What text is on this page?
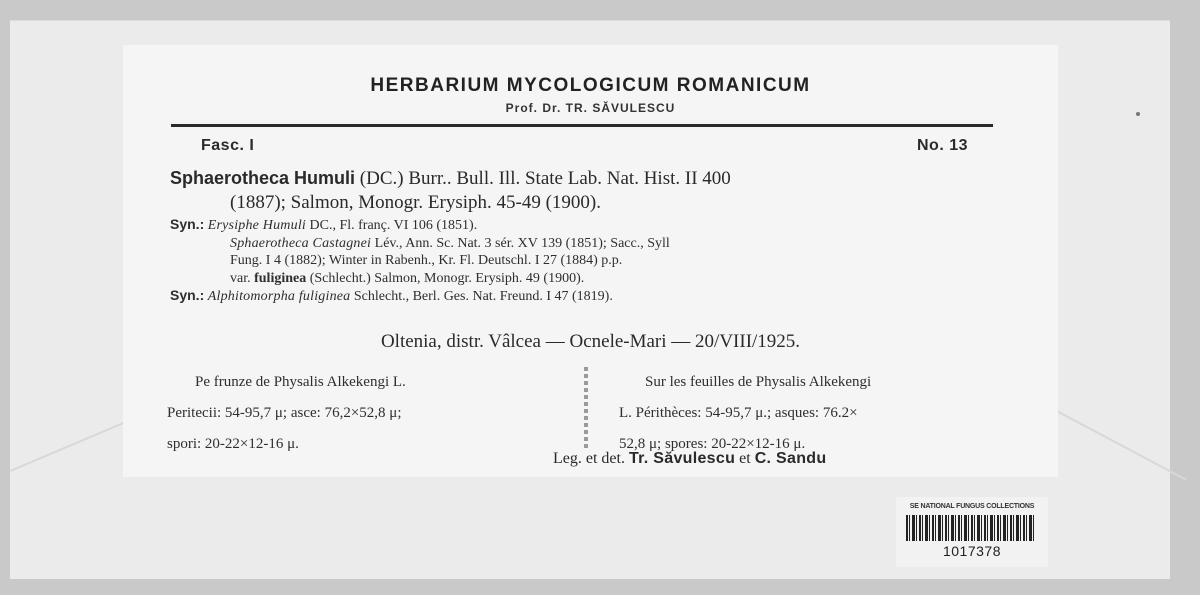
HERBARIUM MYCOLOGICUM ROMANICUM
Prof. Dr. TR. SĂVULESCU
Fasc. I	No. 13
Sphaerotheca Humuli (DC.) Burr.. Bull. Ill. State Lab. Nat. Hist. II 400
(1887); Salmon, Monogr. Erysiph. 45-49 (1900).
Syn.: Erysiphe Humuli DC., Fl. franç. VI 106 (1851).
Sphaerotheca Castagnei Lév., Ann. Sc. Nat. 3 sér. XV 139 (1851); Sacc., Syll
Fung. I 4 (1882); Winter in Rabenh., Kr. Fl. Deutschl. I 27 (1884) p.p.
var. fuliginea (Schlecht.) Salmon, Monogr. Erysiph. 49 (1900).
Syn.: Alphitomorpha fuliginea Schlecht., Berl. Ges. Nat. Freund. I 47 (1819).
Oltenia, distr. Vâlcea — Ocnele-Mari — 20/VIII/1925.
Pe frunze de Physalis Alkekengi L.
Peritecii: 54-95,7 μ; asce: 76,2×52,8 μ;
spori: 20-22×12-16 μ.
Sur les feuilles de Physalis Alkekengi
L. Périthèces: 54-95,7 μ.; asques: 76.2×
52,8 μ; spores: 20-22×12-16 μ.
Leg. et det. Tr. Săvulescu et C. Sandu
SE NATIONAL FUNGUS COLLECTIONS
1017378
